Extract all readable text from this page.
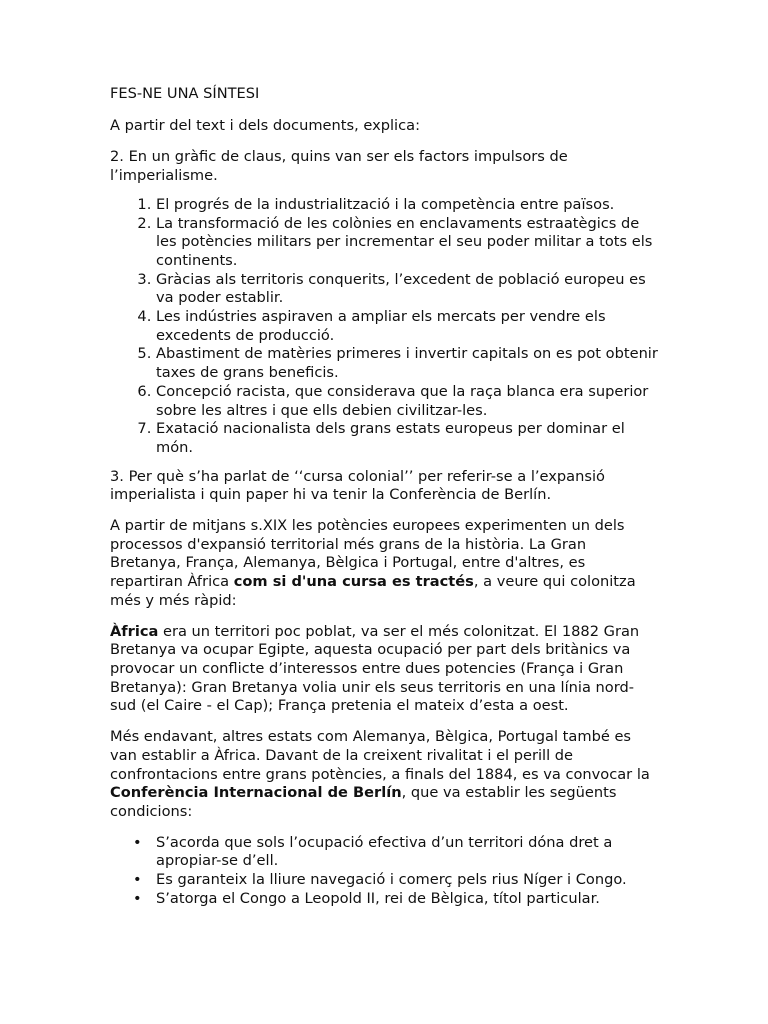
FES-NE UNA SÍNTESI

A partir del text i dels documents, explica:

2. En un gràfic de claus, quins van ser els factors impulsors de l’imperialisme.

1. El progrés de la industrialització i la competència entre països.
2. La transformació de les colònies en enclavaments estraatègics de les potències militars per incrementar el seu poder militar a tots els continents.
3. Gràcias als territoris conquerits, l’excedent de població europeu es va poder establir.
4. Les indústries aspiraven a ampliar els mercats per vendre els excedents de producció.
5. Abastiment de matèries primeres i invertir capitals on es pot obtenir taxes de grans beneficis.
6. Concepció racista, que considerava que la raça blanca era superior sobre les altres i que ells debien civilitzar-les.
7. Exatació nacionalista dels grans estats europeus per dominar el món.

3. Per què s’ha parlat de ‘‘cursa colonial’’ per referir-se a l’expansió imperialista i quin paper hi va tenir la Conferència de Berlín.

A partir de mitjans s.XIX les potències europees experimenten un dels processos d'expansió territorial més grans de la història. La Gran Bretanya, França, Alemanya, Bèlgica i Portugal, entre d'altres, es repartiran Àfrica com si d'una cursa es tractés, a veure qui colonitza més y més ràpid:

Àfrica era un territori poc poblat, va ser el més colonitzat. El 1882 Gran Bretanya va ocupar Egipte, aquesta ocupació per part dels britànics va provocar un conflicte d’interessos entre dues potencies (França i Gran Bretanya): Gran Bretanya volia unir els seus territoris en una línia nord-sud (el Caire - el Cap); França pretenia el mateix d’esta a oest.

Més endavant, altres estats com Alemanya, Bèlgica, Portugal també es van establir a Àfrica. Davant de la creixent rivalitat i el perill de confrontacions entre grans potències, a finals del 1884, es va convocar la Conferència Internacional de Berlín, que va establir les següents condicions:

• S’acorda que sols l’ocupació efectiva d’un territori dóna dret a apropiar-se d’ell.
• Es garanteix la lliure navegació i comerç pels rius Níger i Congo.
• S’atorga el Congo a Leopold II, rei de Bèlgica, títol particular.
